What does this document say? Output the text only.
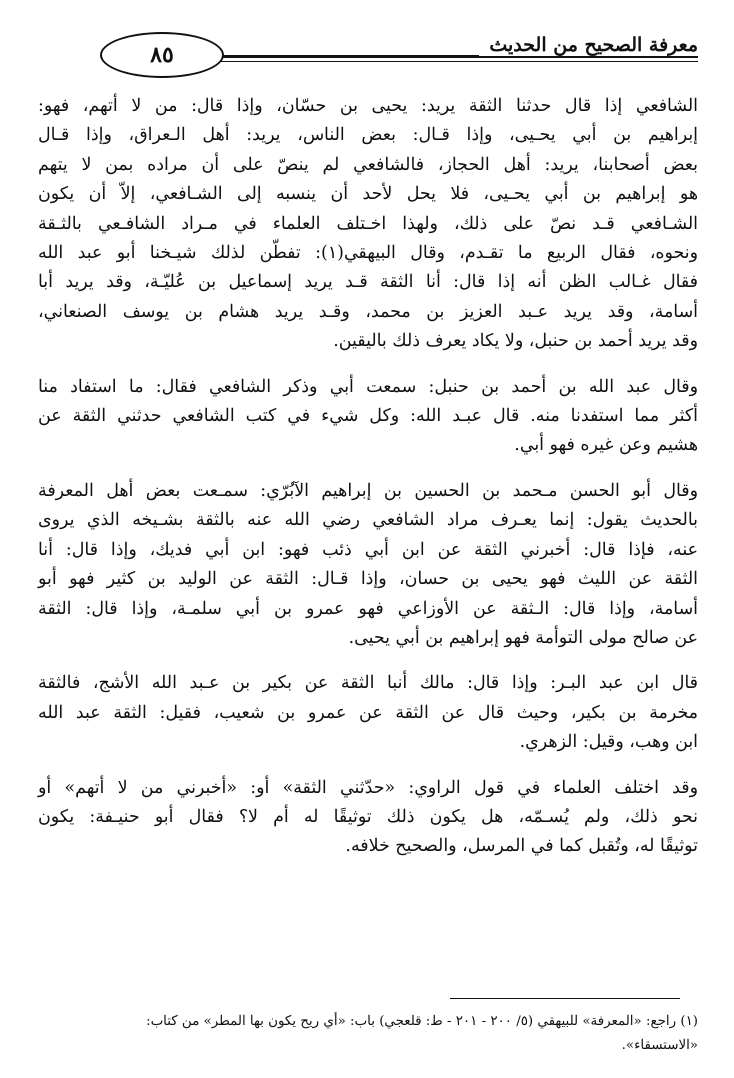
معرفة الصحيح من الحديث
٨٥

الشافعي إذا قال حدثنا الثقة يريد: يحيى بن حسّان، وإذا قال: من لا أتهم، فهو:
إبراهيم بن أبي يحـيى، وإذا قـال: بعض الناس، يريد: أهل الـعراق، وإذا قـال
بعض أصحابنا، يريد: أهل الحجاز، فالشافعي لم ينصّ على أن مراده بمن لا يتهم
هو إبراهيم بن أبي يحـيى، فلا يحل لأحد أن ينسبه إلى الشـافعي، إلاّ أن يكون
الشـافعي قـد نصّ على ذلك، ولهذا اخـتلف العلماء في مـراد الشافـعي بالثـقة
ونحوه، فقال الربيع ما تقـدم، وقال البيهقي(١): تفطّن لذلك شيـخنا أبو عبد الله
فقال غـالب الظن أنه إذا قال: أنا الثقة قـد يريد إسماعيل بن عُليّـة، وقد يريد أبا
أسامة، وقد يريد عـبد العزيز بن محمد، وقـد يريد هشام بن يوسف الصنعاني،
وقد يريد أحمد بن حنبل، ولا يكاد يعرف ذلك باليقين.

وقال عبد الله بن أحمد بن حنبل: سمعت أبي وذكر الشافعي فقال: ما استفاد منا
أكثر مما استفدنا منه. قال عبـد الله: وكل شيء في كتب الشافعي حدثني الثقة عن
هشيم وعن غيره فهو أبي.

وقال أبو الحسن مـحمد بن الحسين بن إبراهيم الآبُرّي: سمـعت بعض أهل المعرفة
بالحديث يقول: إنما يعـرف مراد الشافعي رضي الله عنه بالثقة بشـيخه الذي يروى
عنه، فإذا قال: أخبرني الثقة عن ابن أبي ذئب فهو: ابن أبي فديك، وإذا قال: أنا
الثقة عن الليث فهو يحيى بن حسان، وإذا قـال: الثقة عن الوليد بن كثير فهو أبو
أسامة، وإذا قال: الـثقة عن الأوزاعي فهو عمرو بن أبي سلمـة، وإذا قال: الثقة
عن صالح مولى التوأمة فهو إبراهيم بن أبي يحيى.

قال ابن عبد البـر: وإذا قال: مالك أنبا الثقة عن بكير بن عـبد الله الأشج، فالثقة
مخرمة بن بكير، وحيث قال عن الثقة عن عمرو بن شعيب، فقيل: الثقة عبد الله
ابن وهب، وقيل: الزهري.

وقد اختلف العلماء في قول الراوي: «حدّثني الثقة» أو: «أخبرني من لا أتهم» أو
نحو ذلك، ولم يُسـمّه، هل يكون ذلك توثيقًا له أم لا؟ فقال أبو حنيـفة: يكون
توثيقًا له، وتُقبل كما في المرسل، والصحيح خلافه.

(١) راجع: «المعرفة» للبيهقي (٥/ ٢٠٠ - ٢٠١ - ط: قلعجي) باب: «أي ريح يكون بها المطر» من كتاب:
«الاستسقاء».
